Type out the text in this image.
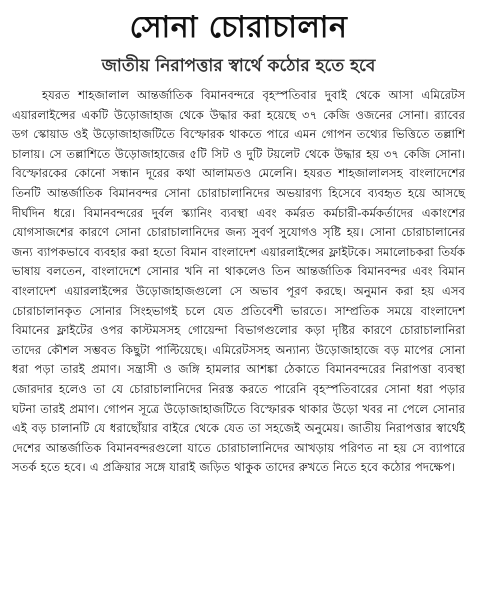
সোনা চোরাচালান
জাতীয় নিরাপত্তার স্বার্থে কঠোর হতে হবে

হযরত শাহজালাল আন্তর্জাতিক বিমানবন্দরে বৃহস্পতিবার দুবাই থেকে আসা এমিরেটস এয়ারলাইন্সের একটি উড়োজাহাজ থেকে উদ্ধার করা হয়েছে ৩৭ কেজি ওজনের সোনা। র‍্যাবের ডগ স্কোয়াড ওই উড়োজাহাজটিতে বিস্ফোরক থাকতে পারে এমন গোপন তথ্যের ভিত্তিতে তল্লাশি চালায়। সে তল্লাশিতে উড়োজাহাজের ৫টি সিট ও দুটি টয়লেট থেকে উদ্ধার হয় ৩৭ কেজি সোনা। বিস্ফোরকের কোনো সন্ধান দূরের কথা আলামতও মেলেনি। হযরত শাহজালালসহ বাংলাদেশের তিনটি আন্তর্জাতিক বিমানবন্দর সোনা চোরাচালানিদের অভয়ারণ্য হিসেবে ব্যবহৃত হয়ে আসছে দীর্ঘদিন ধরে। বিমানবন্দরের দুর্বল স্ক্যানিং ব্যবস্থা এবং কর্মরত কর্মচারী-কর্মকর্তাদের একাংশের যোগসাজশের কারণে সোনা চোরাচালানিদের জন্য সুবর্ণ সুযোগও সৃষ্টি হয়। সোনা চোরাচালানের জন্য ব্যাপকভাবে ব্যবহার করা হতো বিমান বাংলাদেশ এয়ারলাইন্সের ফ্লাইটকে। সমালোচকরা তির্যক ভাষায় বলতেন, বাংলাদেশে সোনার খনি না থাকলেও তিন আন্তর্জাতিক বিমানবন্দর এবং বিমান বাংলাদেশ এয়ারলাইন্সের উড়োজাহাজগুলো সে অভাব পূরণ করছে। অনুমান করা হয় এসব চোরাচালানকৃত সোনার সিংহভাগই চলে যেত প্রতিবেশী ভারতে। সাম্প্রতিক সময়ে বাংলাদেশ বিমানের ফ্লাইটের ওপর কাস্টমসসহ গোয়েন্দা বিভাগগুলোর কড়া দৃষ্টির কারণে চোরাচালানিরা তাদের কৌশল সম্ভবত কিছুটা পাল্টিয়েছে। এমিরেটসসহ অন্যান্য উড়োজাহাজে বড় মাপের সোনা ধরা পড়া তারই প্রমাণ। সন্ত্রাসী ও জঙ্গি হামলার আশঙ্কা ঠেকাতে বিমানবন্দরের নিরাপত্তা ব্যবস্থা জোরদার হলেও তা যে চোরাচালানিদের নিরস্ত করতে পারেনি বৃহস্পতিবারের সোনা ধরা পড়ার ঘটনা তারই প্রমাণ। গোপন সূত্রে উড়োজাহাজটিতে বিস্ফোরক থাকার উড়ো খবর না পেলে সোনার এই বড় চালানটি যে ধরাছোঁয়ার বাইরে থেকে যেত তা সহজেই অনুমেয়। জাতীয় নিরাপত্তার স্বার্থেই দেশের আন্তর্জাতিক বিমানবন্দরগুলো যাতে চোরাচালানিদের আখড়ায় পরিণত না হয় সে ব্যাপারে সতর্ক হতে হবে। এ প্রক্রিয়ার সঙ্গে যারাই জড়িত থাকুক তাদের রুখতে নিতে হবে কঠোর পদক্ষেপ।
